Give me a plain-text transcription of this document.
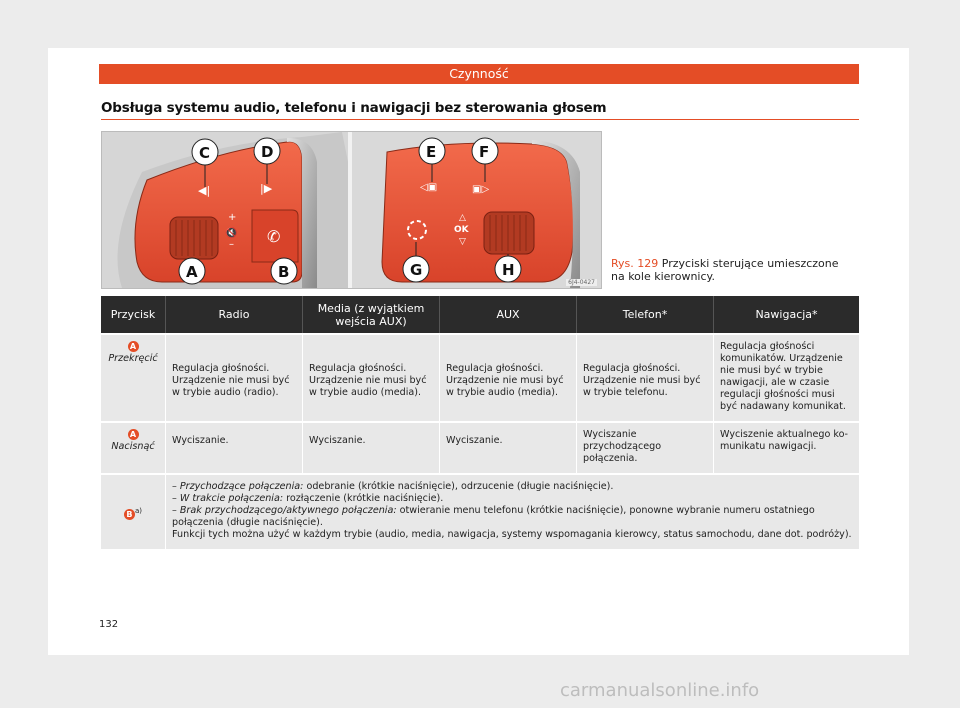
Czynność
Obsługa systemu audio, telefonu i nawigacji bez sterowania głosem
+
🔇
– ✆
◀|	|▶	◁▣	▣▷
△
OK
▽
C	D
A	B
E	F
G	H
6J4-0427
Rys. 129 Przyciski sterujące umieszczone na kole kierownicy.
Przycisk	Radio	Media (z wyjątkiem wejścia AUX)	AUX	Telefon*	Nawigacja*
A
Przekręcić	Regulacja głośności. Urządzenie nie musi być w trybie audio (radio).	Regulacja głośności. Urządzenie nie musi być w trybie audio (media).	Regulacja głośności. Urządzenie nie musi być w trybie audio (media).	Regulacja głośności. Urządzenie nie musi być w trybie telefonu.	Regulacja głośności komunikatów. Urządzenie nie musi być w trybie nawigacji, ale w czasie regulacji głośności musi być nadawany komunikat.
A
Nacisnąć	Wyciszanie.	Wyciszanie.	Wyciszanie.	Wyciszanie przychodzącego połączenia.	Wyciszenie aktualnego komunikatu nawigacji.
B $^{a)}$	– Przychodzące połączenia: odebranie (krótkie naciśnięcie), odrzucenie (długie naciśnięcie).
– W trakcie połączenia: rozłączenie (krótkie naciśnięcie).
– Brak przychodzącego/aktywnego połączenia: otwieranie menu telefonu (krótkie naciśnięcie), ponowne wybranie numeru ostatniego połączenia (długie naciśnięcie).
Funkcji tych można użyć w każdym trybie (audio, media, nawigacja, systemy wspomagania kierowcy, status samochodu, dane dot. podróży).				
132
carmanualsonline.info
